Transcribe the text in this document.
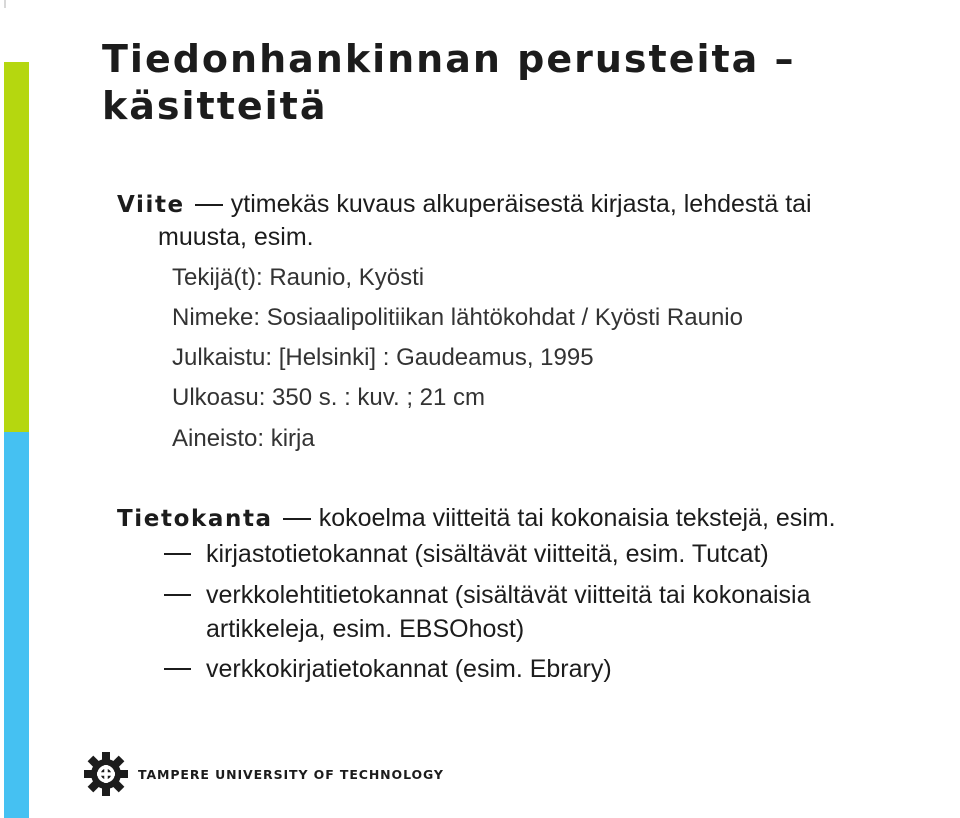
Tiedonhankinnan perusteita –
käsitteitä
Viite ytimekäs kuvaus alkuperäisestä kirjasta, lehdestä tai
muusta, esim.
Tekijä(t): Raunio, Kyösti
Nimeke: Sosiaalipolitiikan lähtökohdat / Kyösti Raunio
Julkaistu: [Helsinki] : Gaudeamus, 1995
Ulkoasu: 350 s. : kuv. ; 21 cm
Aineisto: kirja
Tietokanta kokoelma viitteitä tai kokonaisia tekstejä, esim.
kirjastotietokannat (sisältävät viitteitä, esim. Tutcat)
verkkolehtitietokannat (sisältävät viitteitä tai kokonaisia
artikkeleja, esim. EBSOhost)
verkkokirjatietokannat (esim. Ebrary)
TAMPERE UNIVERSITY OF TECHNOLOGY
